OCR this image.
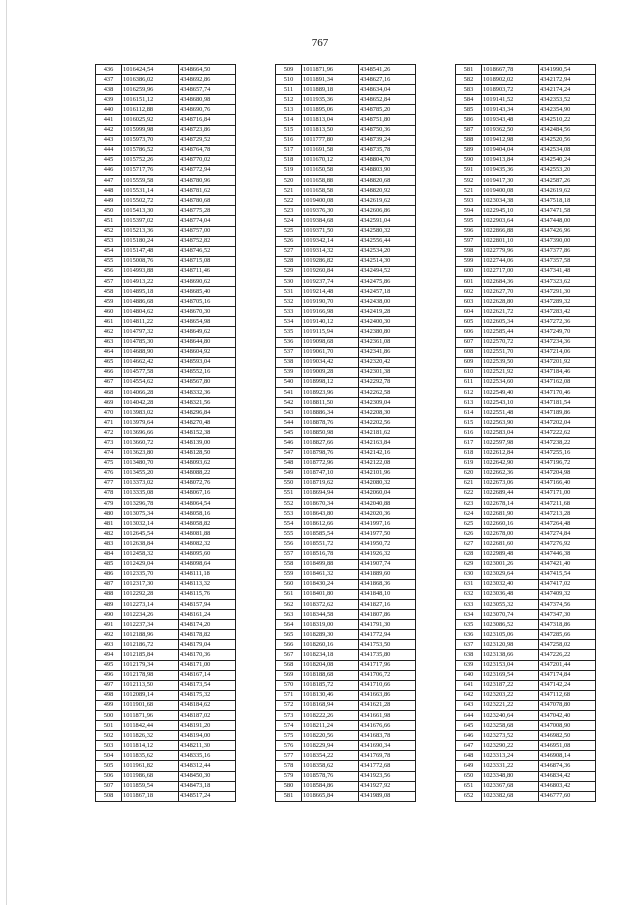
767
436	1016424,54	4348664,50
437	1016386,02	4348692,86
438	1016259,96	4348657,74
439	1016151,12	4348680,98
440	1016112,88	4348690,76
441	1016025,92	4348716,84
442	1015999,98	4348723,86
443	1015973,70	4348729,52
444	1015786,52	4348764,78
445	1015752,26	4348770,02
446	1015717,76	4348772,94
447	1015559,58	4348780,96
448	1015531,14	4348781,62
449	1015502,72	4348780,68
450	1015413,30	4348775,28
451	1015397,02	4348774,04
452	1015213,36	4348757,00
453	1015180,24	4348752,82
454	1015147,48	4348746,52
455	1015008,76	4348715,08
456	1014993,88	4348711,46
457	1014913,22	4348690,62
458	1014895,18	4348685,40
459	1014886,68	4348705,16
460	1014804,62	4348670,30
461	1014811,22	4348654,98
462	1014797,32	4348649,62
463	1014785,30	4348644,80
464	1014688,90	4348604,92
465	1014662,42	4348593,04
466	1014577,58	4348552,16
467	1014554,62	4348567,80
468	1014066,28	4348332,36
469	1014042,28	4348321,56
470	1013983,02	4348296,84
471	1013979,64	4348270,48
472	1013696,66	4348152,38
473	1013660,72	4348139,00
474	1013623,80	4348128,50
475	1013480,70	4348093,62
476	1013455,20	4348088,22
477	1013373,02	4348072,76
478	1013335,08	4348067,16
479	1013296,78	4348064,54
480	1013075,34	4348058,16
481	1013032,14	4348058,82
482	1012645,54	4348081,88
483	1012638,84	4348082,32
484	1012458,32	4348095,60
485	1012429,04	4348098,64
486	1012335,70	4348111,18
487	1012317,30	4348113,32
488	1012292,28	4348115,76
489	1012273,14	4348157,94
490	1012234,26	4348161,24
491	1012237,34	4348174,20
492	1012188,96	4348178,82
493	1012186,72	4348179,04
494	1012185,84	4348170,36
495	1012179,34	4348171,00
496	1012178,98	4348167,14
497	1012113,50	4348173,54
498	1012089,14	4348175,32
499	1011901,68	4348184,62
500	1011871,96	4348187,02
501	1011842,44	4348191,20
502	1011826,32	4348194,00
503	1011814,12	4348211,30
504	1011835,62	4348335,16
505	1011961,82	4348312,44
506	1011986,68	4348450,30
507	1011859,54	4348473,18
508	1011867,18	4348517,24
509	1011871,96	4348541,26
510	1011891,34	4348627,16
511	1011889,18	4348634,04
512	1011935,36	4348652,84
513	1011895,06	4348785,20
514	1011813,04	4348751,80
515	1011813,50	4348750,36
516	1011777,80	4348739,24
517	1011691,58	4348735,78
518	1011670,12	4348804,70
519	1011650,58	4348803,90
520	1011658,88	4348820,68
521	1011658,58	4348820,92
522	1019400,08	4342619,62
523	1019376,30	4342606,86
524	1019384,68	4342591,04
525	1019371,50	4342580,32
526	1019342,14	4342556,44
527	1019314,32	4342534,20
528	1019286,82	4342514,30
529	1019260,84	4342494,52
530	1019237,74	4342475,86
531	1019214,48	4342457,18
532	1019190,70	4342438,00
533	1019166,98	4342419,28
534	1019140,12	4342400,30
535	1019115,94	4342380,80
536	1019098,68	4342361,08
537	1019061,70	4342341,86
538	1019034,42	4342320,42
539	1019009,28	4342301,38
540	1018998,12	4342292,78
541	1018923,96	4342262,58
542	1018811,50	4342309,04
543	1018886,34	4342208,30
544	1018878,76	4342202,56
545	1018850,98	4342181,62
546	1018827,66	4342163,84
547	1018798,76	4342142,16
548	1018772,96	4342122,08
549	1018747,10	4342101,96
550	1018719,62	4342080,32
551	1018694,94	4342060,04
552	1018670,34	4342040,88
553	1018643,80	4342020,36
554	1018612,66	4341997,16
555	1018585,54	4341977,50
556	1018551,72	4341950,72
557	1018516,78	4341926,32
558	1018499,88	4341907,74
559	1018461,32	4341889,60
560	1018430,24	4341868,36
561	1018401,80	4341848,10
562	1018372,62	4341827,16
563	1018344,58	4341807,86
564	1018319,00	4341791,30
565	1018289,30	4341772,94
566	1018260,16	4341753,50
567	1018234,18	4341735,80
568	1018204,08	4341717,96
569	1018188,68	4341706,72
570	1018185,72	4341710,66
571	1018130,46	4341663,86
572	1018168,94	4341621,28
573	1018222,26	4341661,98
574	1018211,24	4341676,66
575	1018220,56	4341683,78
576	1018229,94	4341690,34
577	1018354,22	4341769,78
578	1018358,62	4341772,68
579	1018578,76	4341923,56
580	1018584,86	4341927,92
581	1018665,84	4341989,08
581	1018667,78	4341990,54
582	1018902,02	4342172,94
583	1018903,72	4342174,24
584	1019141,52	4342353,52
585	1019143,34	4342354,90
586	1019343,48	4342510,22
587	1019362,50	4342484,56
588	1019412,98	4342520,56
589	1019404,04	4342534,08
590	1019413,84	4342540,24
591	1019435,36	4342553,20
592	1019417,30	4342587,26
521	1019400,08	4342619,62
593	1023034,38	4347518,18
594	1022945,10	4347471,58
595	1022903,64	4347448,00
596	1022866,88	4347426,96
597	1022801,10	4347390,00
598	1022779,96	4347377,86
599	1022744,06	4347357,58
600	1022717,00	4347341,48
601	1022684,36	4347323,62
602	1022627,70	4347291,30
603	1022628,80	4347289,32
604	1022621,72	4347283,42
605	1022605,34	4347272,36
606	1022585,44	4347249,70
607	1022570,72	4347234,36
608	1022551,70	4347214,06
609	1022539,50	4347201,92
610	1022521,92	4347184,46
611	1022534,60	4347162,08
612	1022549,40	4347170,46
613	1022543,10	4347181,54
614	1022551,48	4347189,86
615	1022563,90	4347202,04
616	1022583,04	4347222,62
617	1022597,98	4347238,22
618	1022612,84	4347255,16
619	1022642,90	4347196,72
620	1022662,36	4347204,98
621	1022673,06	4347166,40
622	1022689,44	4347171,00
623	1022678,14	4347211,68
624	1022681,90	4347213,28
625	1022660,16	4347264,48
626	1022678,00	4347274,84
627	1022681,60	4347276,92
628	1022989,48	4347446,38
629	1023001,26	4347421,40
630	1023029,64	4347415,54
631	1023032,40	4347417,02
632	1023036,48	4347409,32
633	1023055,32	4347374,56
634	1023070,74	4347347,30
635	1023086,52	4347318,86
636	1023105,06	4347285,66
637	1023120,98	4347258,02
638	1023138,66	4347226,22
639	1023153,04	4347201,44
640	1023169,54	4347174,84
641	1023187,22	4347142,24
642	1023203,22	4347112,68
643	1023221,22	4347078,80
644	1023240,64	4347042,40
645	1023258,68	4347008,90
646	1023273,52	4346982,50
647	1023290,22	4346951,08
648	1023313,24	4346908,14
649	1023331,22	4346874,36
650	1023348,80	4346834,42
651	1023367,68	4346803,42
652	1023382,68	4346777,60
